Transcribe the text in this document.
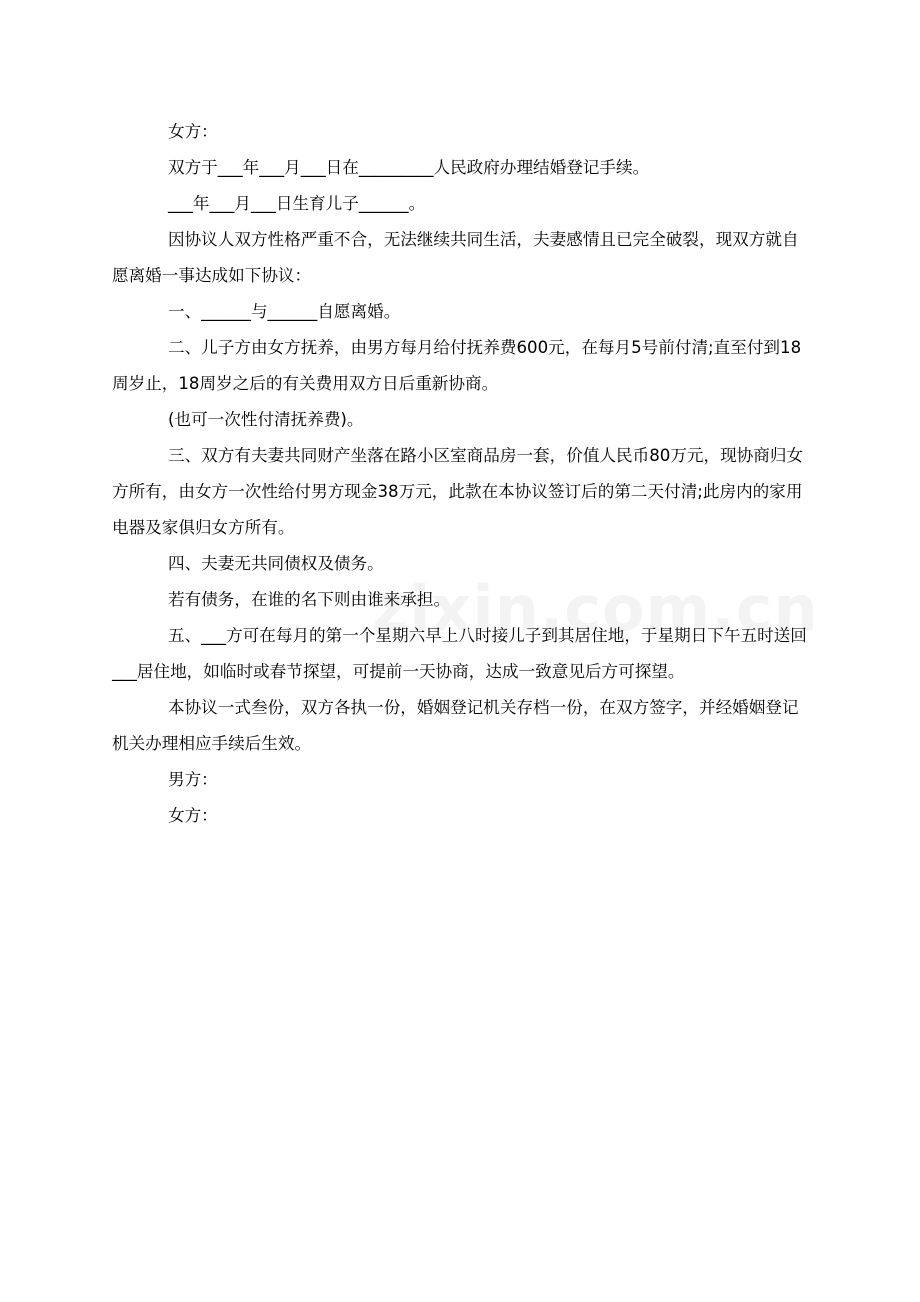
女方：

双方于___年___月___日在_________人民政府办理结婚登记手续。

___年___月___日生育儿子______。

因协议人双方性格严重不合，无法继续共同生活，夫妻感情且已完全破裂，现双方就自愿离婚一事达成如下协议：

一、______与______自愿离婚。

二、儿子方由女方抚养，由男方每月给付抚养费600元，在每月5号前付清;直至付到18周岁止，18周岁之后的有关费用双方日后重新协商。

(也可一次性付清抚养费)。

三、双方有夫妻共同财产坐落在路小区室商品房一套，价值人民币80万元，现协商归女方所有，由女方一次性给付男方现金38万元，此款在本协议签订后的第二天付清;此房内的家用电器及家俱归女方所有。

四、夫妻无共同债权及债务。

若有债务，在谁的名下则由谁来承担。

五、___方可在每月的第一个星期六早上八时接儿子到其居住地，于星期日下午五时送回___居住地，如临时或春节探望，可提前一天协商，达成一致意见后方可探望。

本协议一式叁份，双方各执一份，婚姻登记机关存档一份，在双方签字，并经婚姻登记机关办理相应手续后生效。

男方：

女方：
